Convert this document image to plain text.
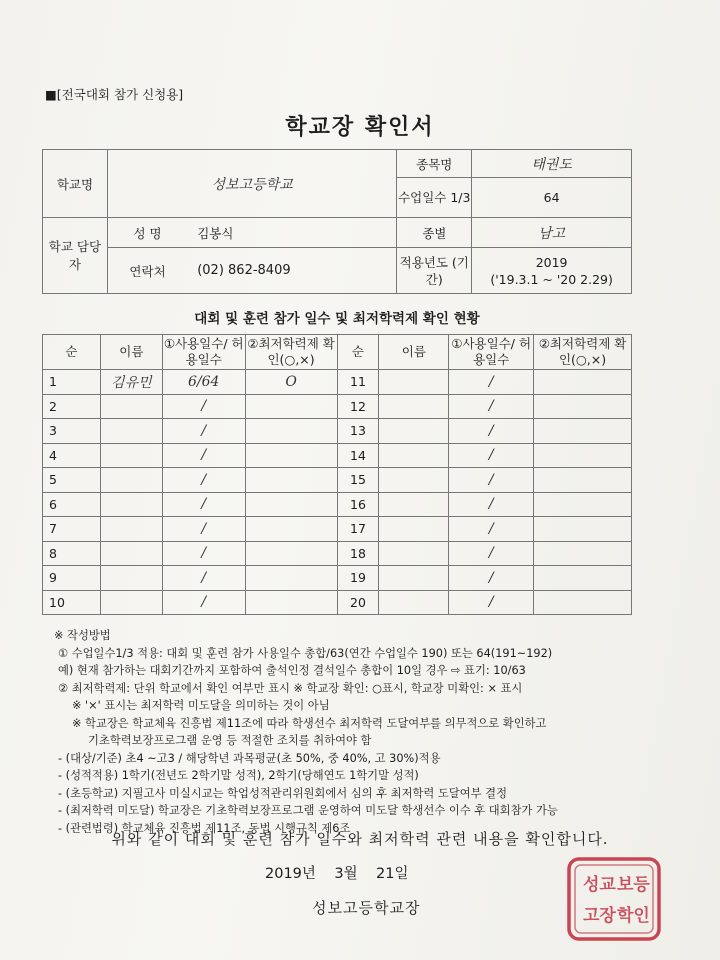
■[전국대회 참가 신청용]
학교장 확인서
학교명	성보고등학교		종목명	태권도
			수업일수 1/3	64
학교 담당자	성 명	김봉식	종별	남고
	연락처	(02) 862-8409	적용년도 (기간)	2019
('19.3.1 ~ '20 2.29)
대회 및 훈련 참가 일수 및 최저학력제 확인 현황
순	이름	①사용일수/ 허용일수	②최저학력제 확인(○,×)	순	이름	①사용일수/ 허용일수	②최저학력제 확인(○,×)
1	김유민	6/64	O	11		/	
2		/		12		/	
3		/		13		/	
4		/		14		/	
5		/		15		/	
6		/		16		/	
7		/		17		/	
8		/		18		/	
9		/		19		/	
10		/		20		/	
※ 작성방법
① 수업일수1/3 적용: 대회 및 훈련 참가 사용일수 총합/63(연간 수업일수 190) 또는 64(191~192)
예) 현재 참가하는 대회기간까지 포함하여 출석인정 결석일수 총합이 10일 경우 ⇨ 표기: 10/63
② 최저학력제: 단위 학교에서 확인 여부만 표시 ※ 학교장 확인: ○표시, 학교장 미확인: × 표시
※ '×' 표시는 최저학력 미도달을 의미하는 것이 아님
※ 학교장은 학교체육 진흥법 제11조에 따라 학생선수 최저학력 도달여부를 의무적으로 확인하고
기초학력보장프로그램 운영 등 적절한 조치를 취하여야 함
- (대상/기준) 초4 ~고3 / 해당학년 과목평균(초 50%, 중 40%, 고 30%)적용
- (성적적용) 1학기(전년도 2학기말 성적), 2학기(당해연도 1학기말 성적)
- (초등학교) 지필고사 미실시교는 학업성적관리위원회에서 심의 후 최저학력 도달여부 결정
- (최저학력 미도달) 학교장은 기초학력보장프로그램 운영하여 미도달 학생선수 이수 후 대회참가 가능
- (관련법령) 학교체육 진흥법 제11조, 동법 시행규칙 제6조
위와 같이 대회 및 훈련 참가 일수와 최저학력 관련 내용을 확인합니다.
2019년 3월 21일
성보고등학교장
성교 보등
고장 학인
